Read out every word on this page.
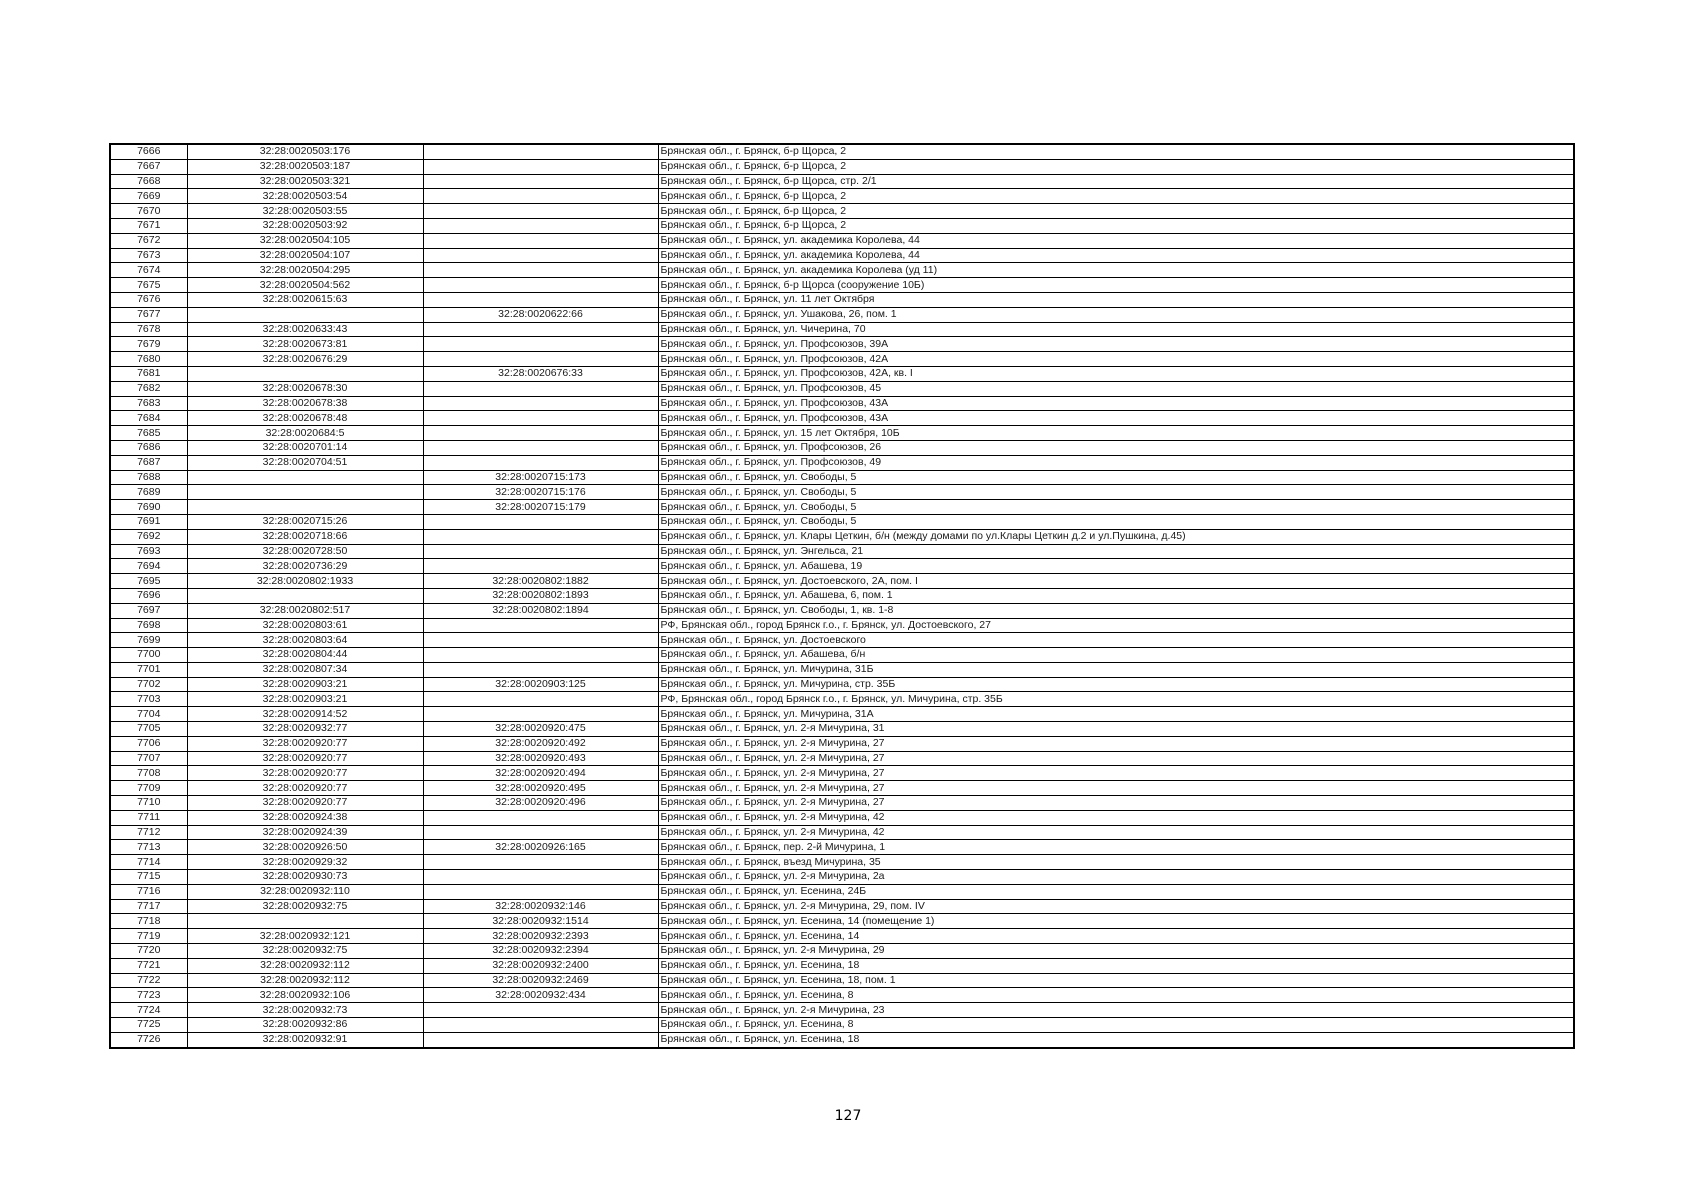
7666	32:28:0020503:176		Брянская обл., г. Брянск, б-р Щорса, 2
7667	32:28:0020503:187		Брянская обл., г. Брянск, б-р Щорса, 2
7668	32:28:0020503:321		Брянская обл., г. Брянск, б-р Щорса, стр. 2/1
7669	32:28:0020503:54		Брянская обл., г. Брянск, б-р Щорса, 2
7670	32:28:0020503:55		Брянская обл., г. Брянск, б-р Щорса, 2
7671	32:28:0020503:92		Брянская обл., г. Брянск, б-р Щорса, 2
7672	32:28:0020504:105		Брянская обл., г. Брянск, ул. академика Королева, 44
7673	32:28:0020504:107		Брянская обл., г. Брянск, ул. академика Королева, 44
7674	32:28:0020504:295		Брянская обл., г. Брянск, ул. академика Королева (уд 11)
7675	32:28:0020504:562		Брянская обл., г. Брянск, б-р Щорса (сооружение 10Б)
7676	32:28:0020615:63		Брянская обл., г. Брянск, ул. 11 лет Октября
7677		32:28:0020622:66	Брянская обл., г. Брянск, ул. Ушакова, 26, пом. 1
7678	32:28:0020633:43		Брянская обл., г. Брянск, ул. Чичерина, 70
7679	32:28:0020673:81		Брянская обл., г. Брянск, ул. Профсоюзов, 39А
7680	32:28:0020676:29		Брянская обл., г. Брянск, ул. Профсоюзов, 42А
7681		32:28:0020676:33	Брянская обл., г. Брянск, ул. Профсоюзов, 42А, кв. I
7682	32:28:0020678:30		Брянская обл., г. Брянск, ул. Профсоюзов, 45
7683	32:28:0020678:38		Брянская обл., г. Брянск, ул. Профсоюзов, 43А
7684	32:28:0020678:48		Брянская обл., г. Брянск, ул. Профсоюзов, 43А
7685	32:28:0020684:5		Брянская обл., г. Брянск, ул. 15 лет Октября, 10Б
7686	32:28:0020701:14		Брянская обл., г. Брянск, ул. Профсоюзов, 26
7687	32:28:0020704:51		Брянская обл., г. Брянск, ул. Профсоюзов, 49
7688		32:28:0020715:173	Брянская обл., г. Брянск, ул. Свободы, 5
7689		32:28:0020715:176	Брянская обл., г. Брянск, ул. Свободы, 5
7690		32:28:0020715:179	Брянская обл., г. Брянск, ул. Свободы, 5
7691	32:28:0020715:26		Брянская обл., г. Брянск, ул. Свободы, 5
7692	32:28:0020718:66		Брянская обл., г. Брянск, ул. Клары Цеткин, б/н (между домами по ул.Клары Цеткин д.2 и ул.Пушкина, д.45)
7693	32:28:0020728:50		Брянская обл., г. Брянск, ул. Энгельса, 21
7694	32:28:0020736:29		Брянская обл., г. Брянск, ул. Абашева, 19
7695	32:28:0020802:1933	32:28:0020802:1882	Брянская обл., г. Брянск, ул. Достоевского, 2А, пом. I
7696		32:28:0020802:1893	Брянская обл., г. Брянск, ул. Абашева, 6, пом. 1
7697	32:28:0020802:517	32:28:0020802:1894	Брянская обл., г. Брянск, ул. Свободы, 1, кв. 1-8
7698	32:28:0020803:61		РФ, Брянская обл., город Брянск г.о., г. Брянск, ул. Достоевского, 27
7699	32:28:0020803:64		Брянская обл., г. Брянск, ул. Достоевского
7700	32:28:0020804:44		Брянская обл., г. Брянск, ул. Абашева, б/н
7701	32:28:0020807:34		Брянская обл., г. Брянск, ул. Мичурина, 31Б
7702	32:28:0020903:21	32:28:0020903:125	Брянская обл., г. Брянск, ул. Мичурина, стр. 35Б
7703	32:28:0020903:21		РФ, Брянская обл., город Брянск г.о., г. Брянск, ул. Мичурина, стр. 35Б
7704	32:28:0020914:52		Брянская обл., г. Брянск, ул. Мичурина, 31А
7705	32:28:0020932:77	32:28:0020920:475	Брянская обл., г. Брянск, ул. 2-я Мичурина, 31
7706	32:28:0020920:77	32:28:0020920:492	Брянская обл., г. Брянск, ул. 2-я Мичурина, 27
7707	32:28:0020920:77	32:28:0020920:493	Брянская обл., г. Брянск, ул. 2-я Мичурина, 27
7708	32:28:0020920:77	32:28:0020920:494	Брянская обл., г. Брянск, ул. 2-я Мичурина, 27
7709	32:28:0020920:77	32:28:0020920:495	Брянская обл., г. Брянск, ул. 2-я Мичурина, 27
7710	32:28:0020920:77	32:28:0020920:496	Брянская обл., г. Брянск, ул. 2-я Мичурина, 27
7711	32:28:0020924:38		Брянская обл., г. Брянск, ул. 2-я Мичурина, 42
7712	32:28:0020924:39		Брянская обл., г. Брянск, ул. 2-я Мичурина, 42
7713	32:28:0020926:50	32:28:0020926:165	Брянская обл., г. Брянск, пер. 2-й Мичурина, 1
7714	32:28:0020929:32		Брянская обл., г. Брянск, въезд Мичурина, 35
7715	32:28:0020930:73		Брянская обл., г. Брянск, ул. 2-я Мичурина, 2а
7716	32:28:0020932:110		Брянская обл., г. Брянск, ул. Есенина, 24Б
7717	32:28:0020932:75	32:28:0020932:146	Брянская обл., г. Брянск, ул. 2-я Мичурина, 29, пом. IV
7718		32:28:0020932:1514	Брянская обл., г. Брянск, ул. Есенина, 14 (помещение 1)
7719	32:28:0020932:121	32:28:0020932:2393	Брянская обл., г. Брянск, ул. Есенина, 14
7720	32:28:0020932:75	32:28:0020932:2394	Брянская обл., г. Брянск, ул. 2-я Мичурина, 29
7721	32:28:0020932:112	32:28:0020932:2400	Брянская обл., г. Брянск, ул. Есенина, 18
7722	32:28:0020932:112	32:28:0020932:2469	Брянская обл., г. Брянск, ул. Есенина, 18, пом. 1
7723	32:28:0020932:106	32:28:0020932:434	Брянская обл., г. Брянск, ул. Есенина, 8
7724	32:28:0020932:73		Брянская обл., г. Брянск, ул. 2-я Мичурина, 23
7725	32:28:0020932:86		Брянская обл., г. Брянск, ул. Есенина, 8
7726	32:28:0020932:91		Брянская обл., г. Брянск, ул. Есенина, 18
127
